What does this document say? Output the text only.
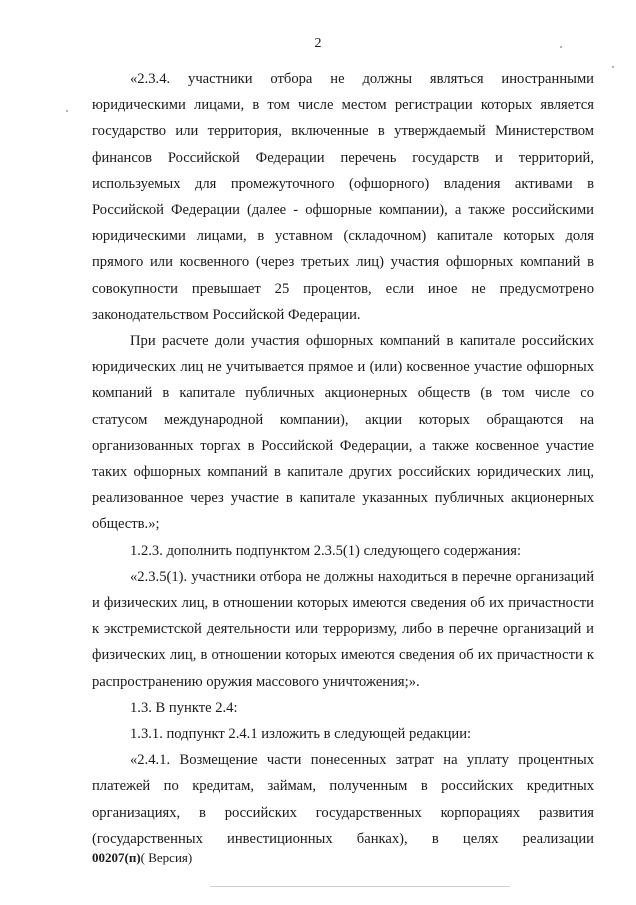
2

«2.3.4. участники отбора не должны являться иностранными юридическими лицами, в том числе местом регистрации которых является государство или территория, включенные в утверждаемый Министерством финансов Российской Федерации перечень государств и территорий, используемых для промежуточного (офшорного) владения активами в Российской Федерации (далее - офшорные компании), а также российскими юридическими лицами, в уставном (складочном) капитале которых доля прямого или косвенного (через третьих лиц) участия офшорных компаний в совокупности превышает 25 процентов, если иное не предусмотрено законодательством Российской Федерации.

При расчете доли участия офшорных компаний в капитале российских юридических лиц не учитывается прямое и (или) косвенное участие офшорных компаний в капитале публичных акционерных обществ (в том числе со статусом международной компании), акции которых обращаются на организованных торгах в Российской Федерации, а также косвенное участие таких офшорных компаний в капитале других российских юридических лиц, реализованное через участие в капитале указанных публичных акционерных обществ.»;

1.2.3. дополнить подпунктом 2.3.5(1) следующего содержания:

«2.3.5(1). участники отбора не должны находиться в перечне организаций и физических лиц, в отношении которых имеются сведения об их причастности к экстремистской деятельности или терроризму, либо в перечне организаций и физических лиц, в отношении которых имеются сведения об их причастности к распространению оружия массового уничтожения;».

1.3. В пункте 2.4:

1.3.1. подпункт 2.4.1 изложить в следующей редакции:

«2.4.1. Возмещение части понесенных затрат на уплату процентных платежей по кредитам, займам, полученным в российских кредитных организациях, в российских государственных корпорациях развития (государственных инвестиционных банках), в целях реализации

00207(п)( Версия)
